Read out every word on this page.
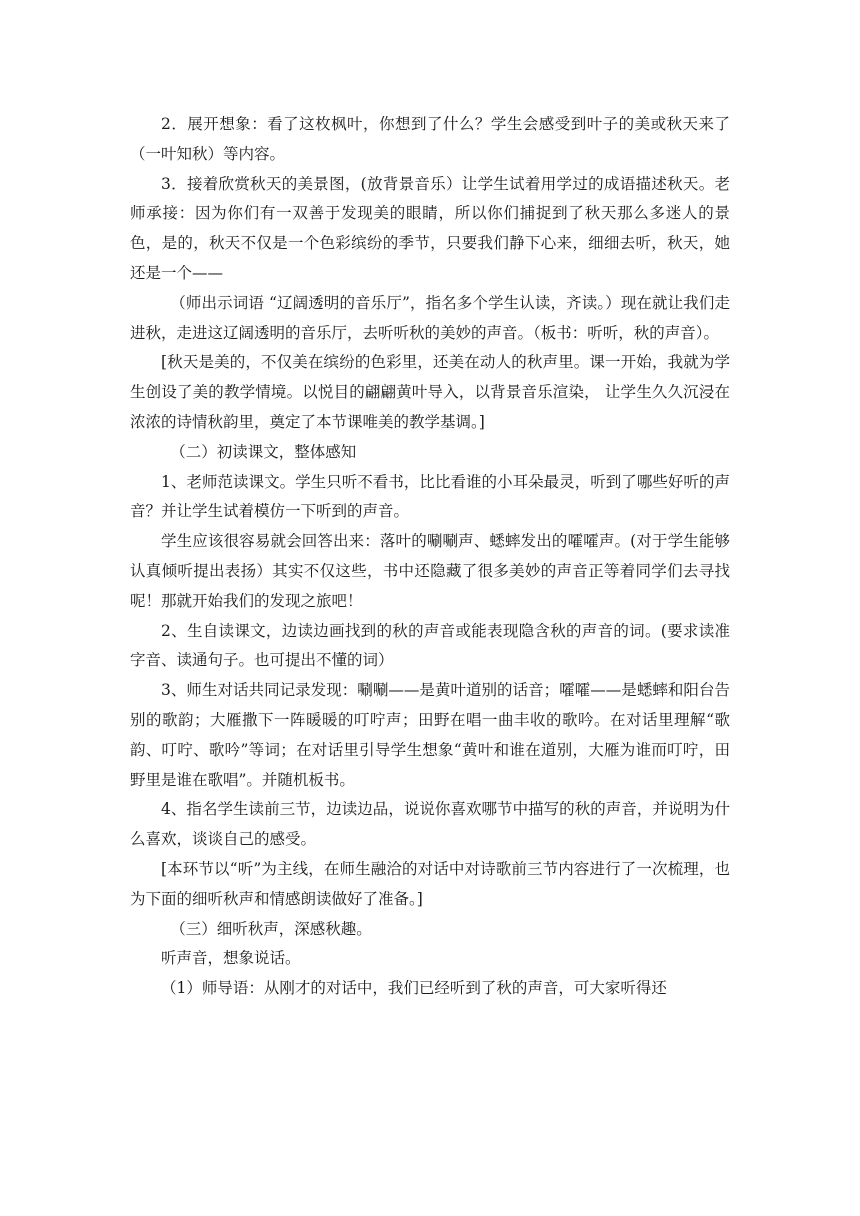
2．展开想象：看了这枚枫叶，你想到了什么？学生会感受到叶子的美或秋天来了（一叶知秋）等内容。

3．接着欣赏秋天的美景图，(放背景音乐）让学生试着用学过的成语描述秋天。老师承接：因为你们有一双善于发现美的眼睛，所以你们捕捉到了秋天那么多迷人的景色，是的，秋天不仅是一个色彩缤纷的季节，只要我们静下心来，细细去听，秋天，她还是一个——

（师出示词语 “辽阔透明的音乐厅”，指名多个学生认读，齐读。）现在就让我们走进秋，走进这辽阔透明的音乐厅，去听听秋的美妙的声音。（板书：听听，秋的声音）。

[秋天是美的，不仅美在缤纷的色彩里，还美在动人的秋声里。课一开始，我就为学生创设了美的教学情境。以悦目的翩翩黄叶导入，以背景音乐渲染， 让学生久久沉浸在浓浓的诗情秋韵里，奠定了本节课唯美的教学基调。]

（二）初读课文，整体感知

1、老师范读课文。学生只听不看书，比比看谁的小耳朵最灵，听到了哪些好听的声音？并让学生试着模仿一下听到的声音。

学生应该很容易就会回答出来：落叶的唰唰声、蟋蟀发出的嚯嚯声。(对于学生能够认真倾听提出表扬）其实不仅这些，书中还隐藏了很多美妙的声音正等着同学们去寻找呢！那就开始我们的发现之旅吧！

2、生自读课文，边读边画找到的秋的声音或能表现隐含秋的声音的词。(要求读准字音、读通句子。也可提出不懂的词）

3、师生对话共同记录发现：唰唰——是黄叶道别的话音；嚯嚯——是蟋蟀和阳台告别的歌韵；大雁撒下一阵暖暖的叮咛声；田野在唱一曲丰收的歌吟。在对话里理解“歌韵、叮咛、歌吟”等词；在对话里引导学生想象“黄叶和谁在道别，大雁为谁而叮咛，田野里是谁在歌唱”。并随机板书。

4、指名学生读前三节，边读边品，说说你喜欢哪节中描写的秋的声音，并说明为什么喜欢，谈谈自己的感受。

[本环节以“听”为主线，在师生融洽的对话中对诗歌前三节内容进行了一次梳理，也为下面的细听秋声和情感朗读做好了准备。]

（三）细听秋声，深感秋趣。

听声音，想象说话。

（1）师导语：从刚才的对话中，我们已经听到了秋的声音，可大家听得还
